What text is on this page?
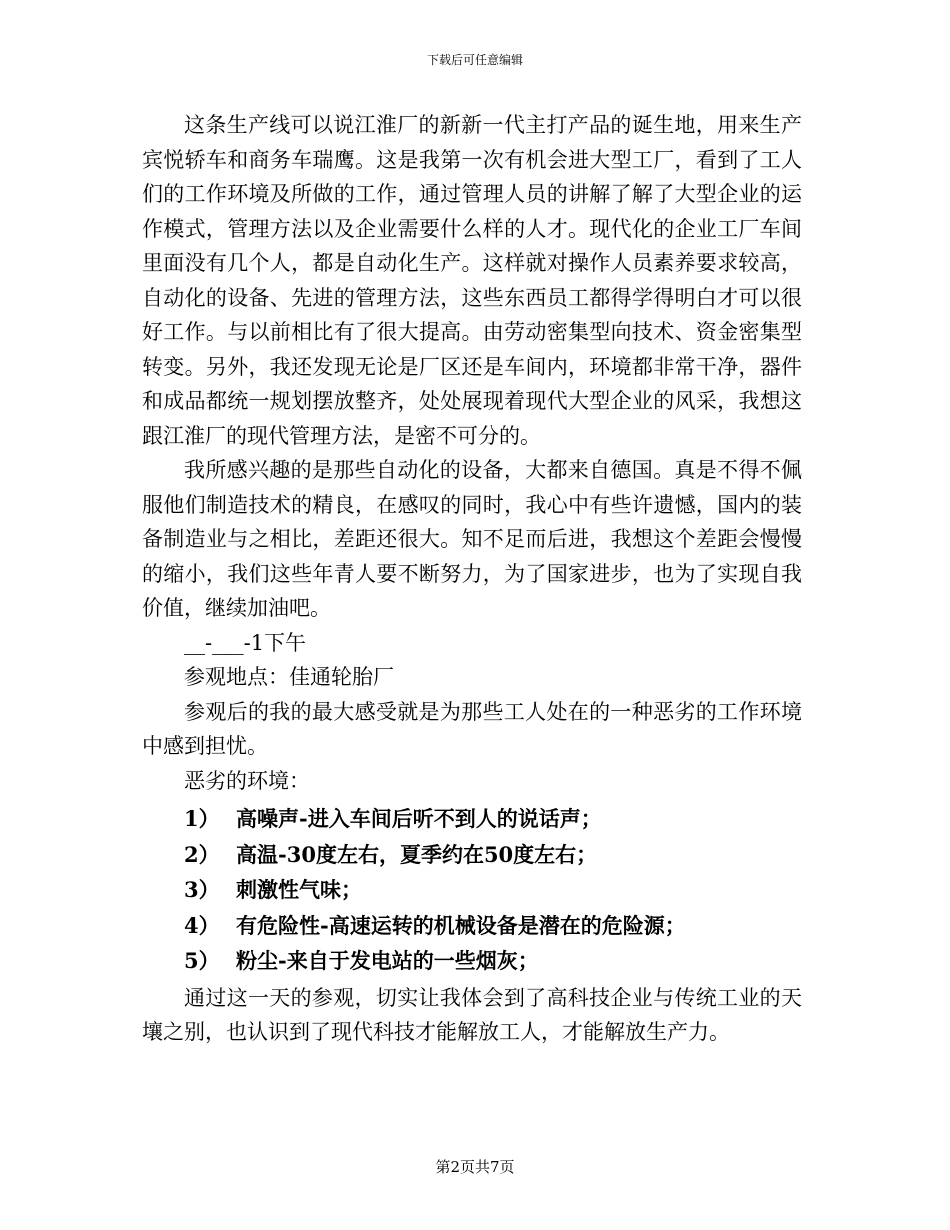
下载后可任意编辑

这条生产线可以说江淮厂的新新一代主打产品的诞生地，用来生产宾悦轿车和商务车瑞鹰。这是我第一次有机会进大型工厂，看到了工人们的工作环境及所做的工作，通过管理人员的讲解了解了大型企业的运作模式，管理方法以及企业需要什么样的人才。现代化的企业工厂车间里面没有几个人，都是自动化生产。这样就对操作人员素养要求较高，自动化的设备、先进的管理方法，这些东西员工都得学得明白才可以很好工作。与以前相比有了很大提高。由劳动密集型向技术、资金密集型转变。另外，我还发现无论是厂区还是车间内，环境都非常干净，器件和成品都统一规划摆放整齐，处处展现着现代大型企业的风采，我想这跟江淮厂的现代管理方法，是密不可分的。

我所感兴趣的是那些自动化的设备，大都来自德国。真是不得不佩服他们制造技术的精良，在感叹的同时，我心中有些许遗憾，国内的装备制造业与之相比，差距还很大。知不足而后进，我想这个差距会慢慢的缩小，我们这些年青人要不断努力，为了国家进步，也为了实现自我价值，继续加油吧。

__-___-1下午

参观地点：佳通轮胎厂

参观后的我的最大感受就是为那些工人处在的一种恶劣的工作环境中感到担忧。

恶劣的环境：

1） 高噪声-进入车间后听不到人的说话声；
2） 高温-30度左右，夏季约在50度左右；
3） 刺激性气味；
4） 有危险性-高速运转的机械设备是潜在的危险源；
5） 粉尘-来自于发电站的一些烟灰；

通过这一天的参观，切实让我体会到了高科技企业与传统工业的天壤之别，也认识到了现代科技才能解放工人，才能解放生产力。

第2页共7页
